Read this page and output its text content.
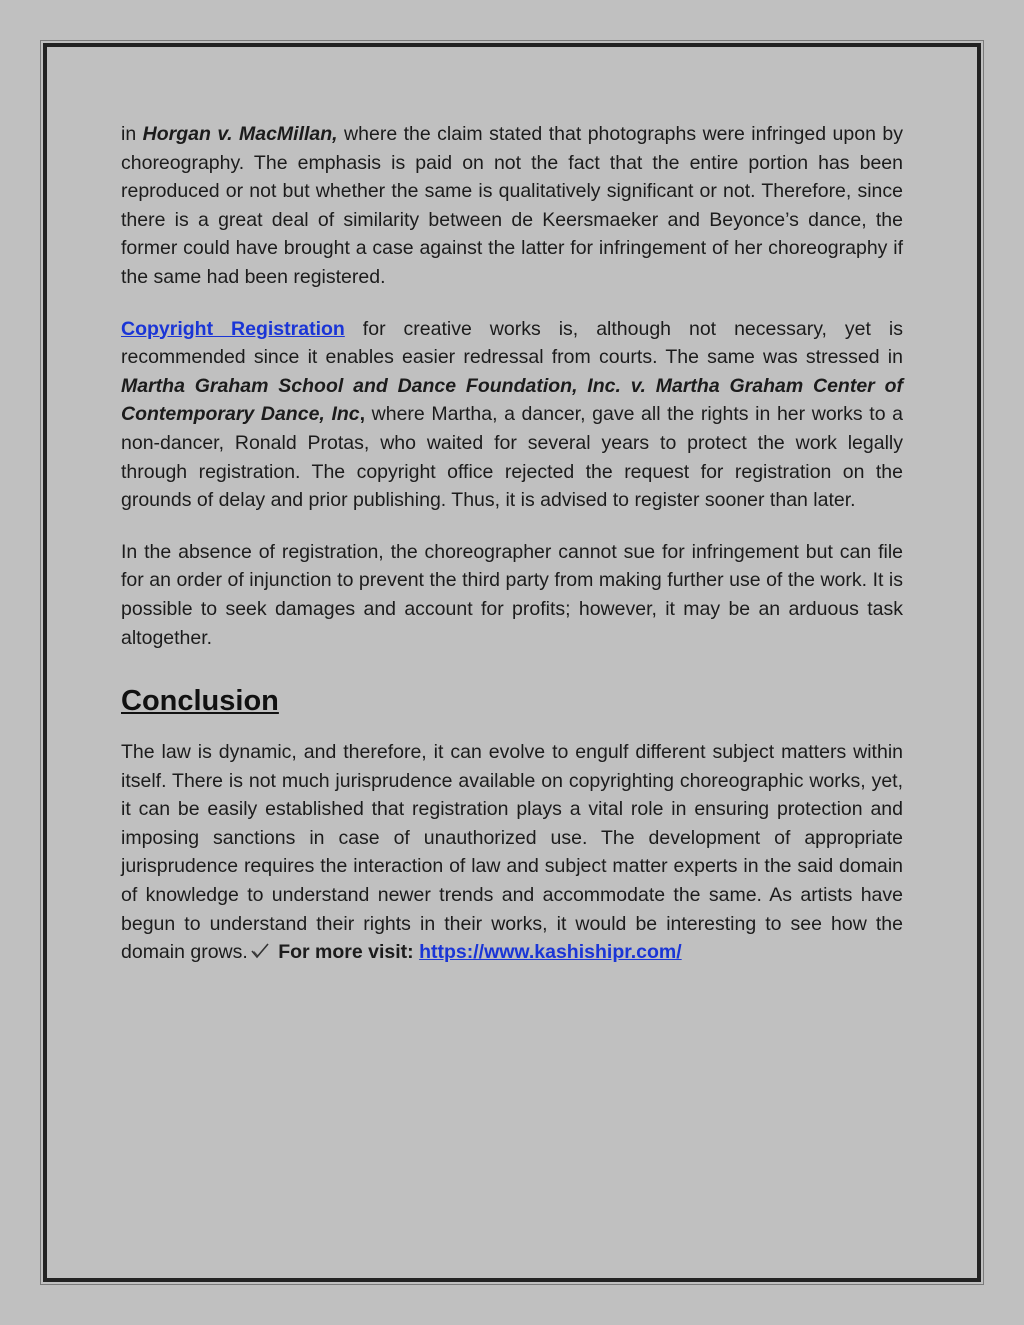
in Horgan v. MacMillan, where the claim stated that photographs were infringed upon by choreography. The emphasis is paid on not the fact that the entire portion has been reproduced or not but whether the same is qualitatively significant or not. Therefore, since there is a great deal of similarity between de Keersmaeker and Beyonce’s dance, the former could have brought a case against the latter for infringement of her choreography if the same had been registered.

Copyright Registration for creative works is, although not necessary, yet is recommended since it enables easier redressal from courts. The same was stressed in Martha Graham School and Dance Foundation, Inc. v. Martha Graham Center of Contemporary Dance, Inc, where Martha, a dancer, gave all the rights in her works to a non-dancer, Ronald Protas, who waited for several years to protect the work legally through registration. The copyright office rejected the request for registration on the grounds of delay and prior publishing. Thus, it is advised to register sooner than later.

In the absence of registration, the choreographer cannot sue for infringement but can file for an order of injunction to prevent the third party from making further use of the work. It is possible to seek damages and account for profits; however, it may be an arduous task altogether.

Conclusion

The law is dynamic, and therefore, it can evolve to engulf different subject matters within itself. There is not much jurisprudence available on copyrighting choreographic works, yet, it can be easily established that registration plays a vital role in ensuring protection and imposing sanctions in case of unauthorized use. The development of appropriate jurisprudence requires the interaction of law and subject matter experts in the said domain of knowledge to understand newer trends and accommodate the same. As artists have begun to understand their rights in their works, it would be interesting to see how the domain grows. For more visit: https://www.kashishipr.com/
